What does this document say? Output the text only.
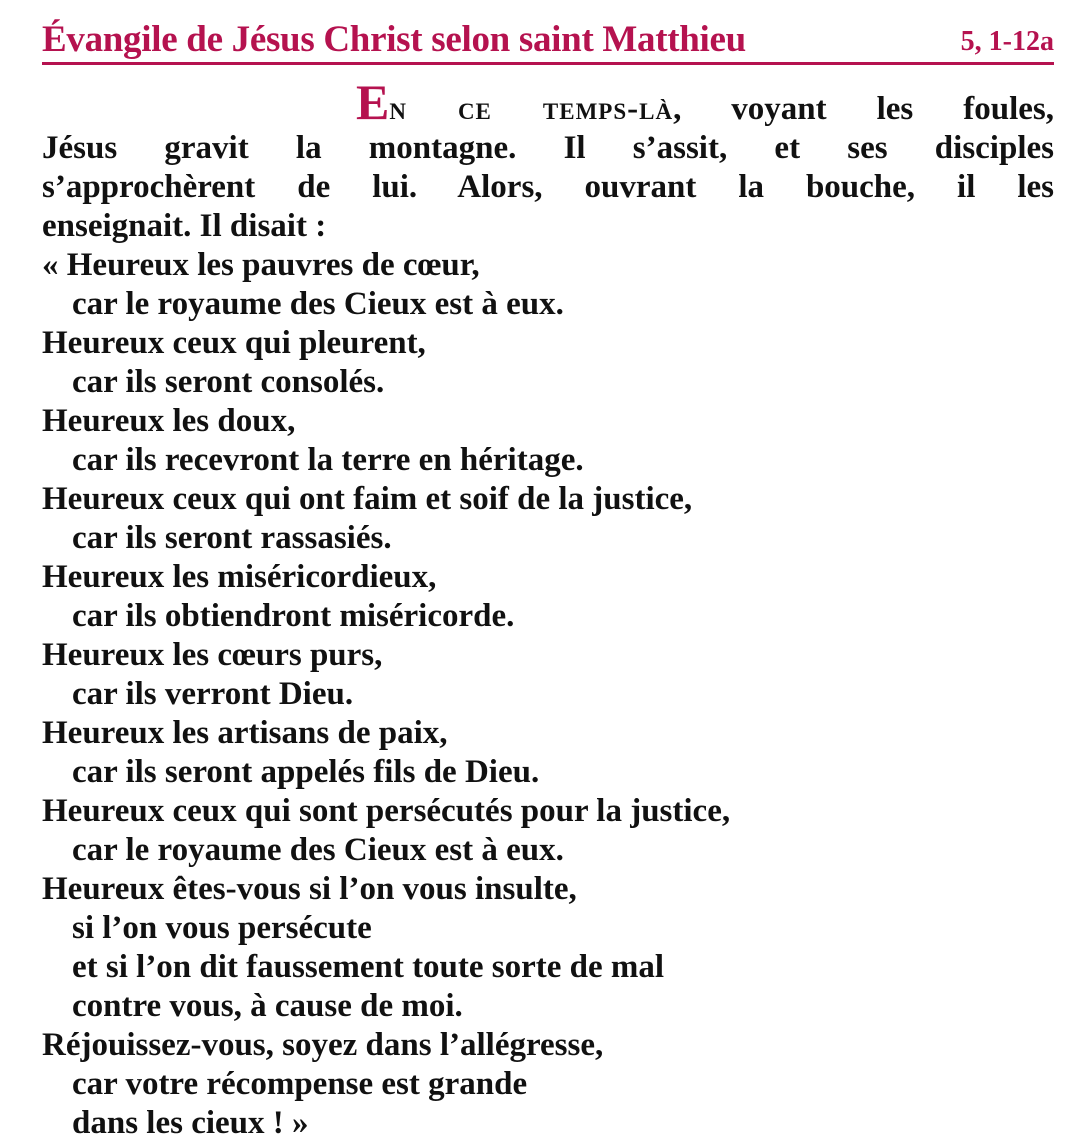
Évangile de Jésus Christ selon saint Matthieu	5, 1-12a
En ce temps-là, voyant les foules,
Jésus gravit la montagne. Il s’assit, et ses disciples
s’approchèrent de lui. Alors, ouvrant la bouche, il les
enseignait. Il disait :
« Heureux les pauvres de cœur,
car le royaume des Cieux est à eux.
Heureux ceux qui pleurent,
car ils seront consolés.
Heureux les doux,
car ils recevront la terre en héritage.
Heureux ceux qui ont faim et soif de la justice,
car ils seront rassasiés.
Heureux les miséricordieux,
car ils obtiendront miséricorde.
Heureux les cœurs purs,
car ils verront Dieu.
Heureux les artisans de paix,
car ils seront appelés fils de Dieu.
Heureux ceux qui sont persécutés pour la justice,
car le royaume des Cieux est à eux.
Heureux êtes-vous si l’on vous insulte,
si l’on vous persécute
et si l’on dit faussement toute sorte de mal
contre vous, à cause de moi.
Réjouissez-vous, soyez dans l’allégresse,
car votre récompense est grande
dans les cieux ! »
